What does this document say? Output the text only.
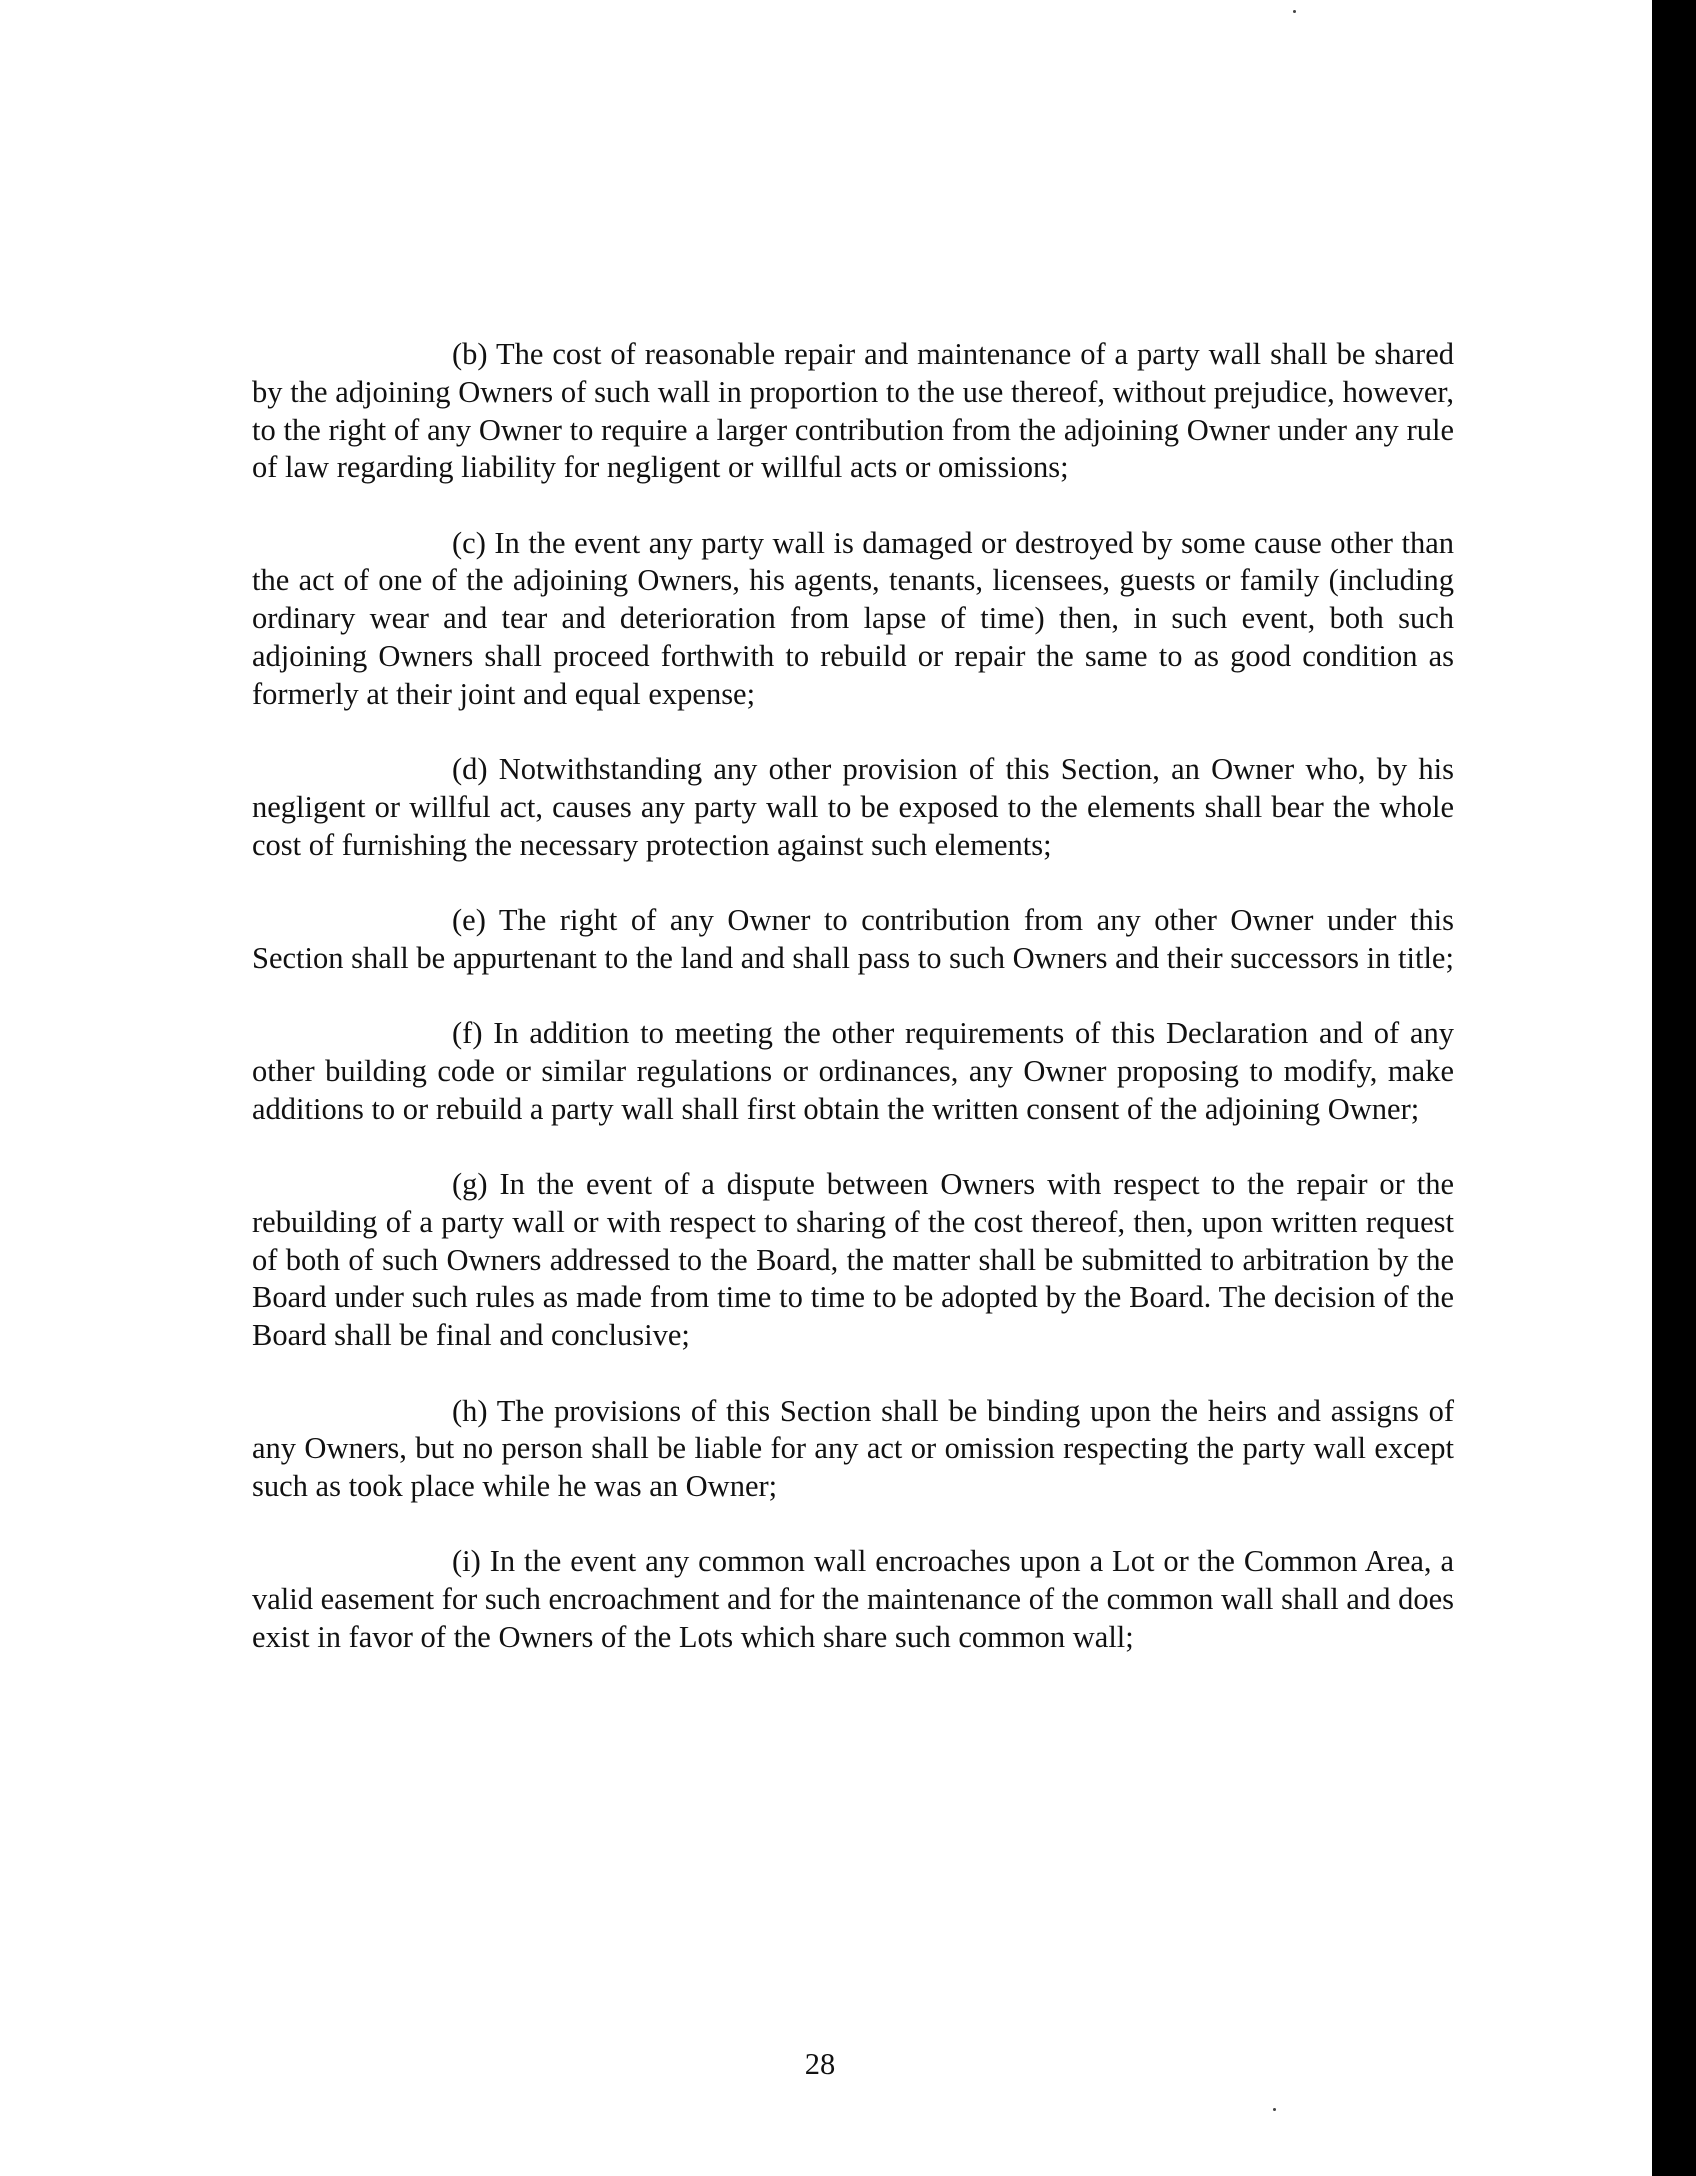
(b) The cost of reasonable repair and maintenance of a party wall shall be shared by the adjoining Owners of such wall in proportion to the use thereof, without prejudice, however, to the right of any Owner to require a larger contribution from the adjoining Owner under any rule of law regarding liability for negligent or willful acts or omissions;

(c) In the event any party wall is damaged or destroyed by some cause other than the act of one of the adjoining Owners, his agents, tenants, licensees, guests or family (including ordinary wear and tear and deterioration from lapse of time) then, in such event, both such adjoining Owners shall proceed forthwith to rebuild or repair the same to as good condition as formerly at their joint and equal expense;

(d) Notwithstanding any other provision of this Section, an Owner who, by his negligent or willful act, causes any party wall to be exposed to the elements shall bear the whole cost of furnishing the necessary protection against such elements;

(e) The right of any Owner to contribution from any other Owner under this Section shall be appurtenant to the land and shall pass to such Owners and their successors in title;

(f) In addition to meeting the other requirements of this Declaration and of any other building code or similar regulations or ordinances, any Owner proposing to modify, make additions to or rebuild a party wall shall first obtain the written consent of the adjoining Owner;

(g) In the event of a dispute between Owners with respect to the repair or the rebuilding of a party wall or with respect to sharing of the cost thereof, then, upon written request of both of such Owners addressed to the Board, the matter shall be submitted to arbitration by the Board under such rules as made from time to time to be adopted by the Board. The decision of the Board shall be final and conclusive;

(h) The provisions of this Section shall be binding upon the heirs and assigns of any Owners, but no person shall be liable for any act or omission respecting the party wall except such as took place while he was an Owner;

(i) In the event any common wall encroaches upon a Lot or the Common Area, a valid easement for such encroachment and for the maintenance of the common wall shall and does exist in favor of the Owners of the Lots which share such common wall;

28
